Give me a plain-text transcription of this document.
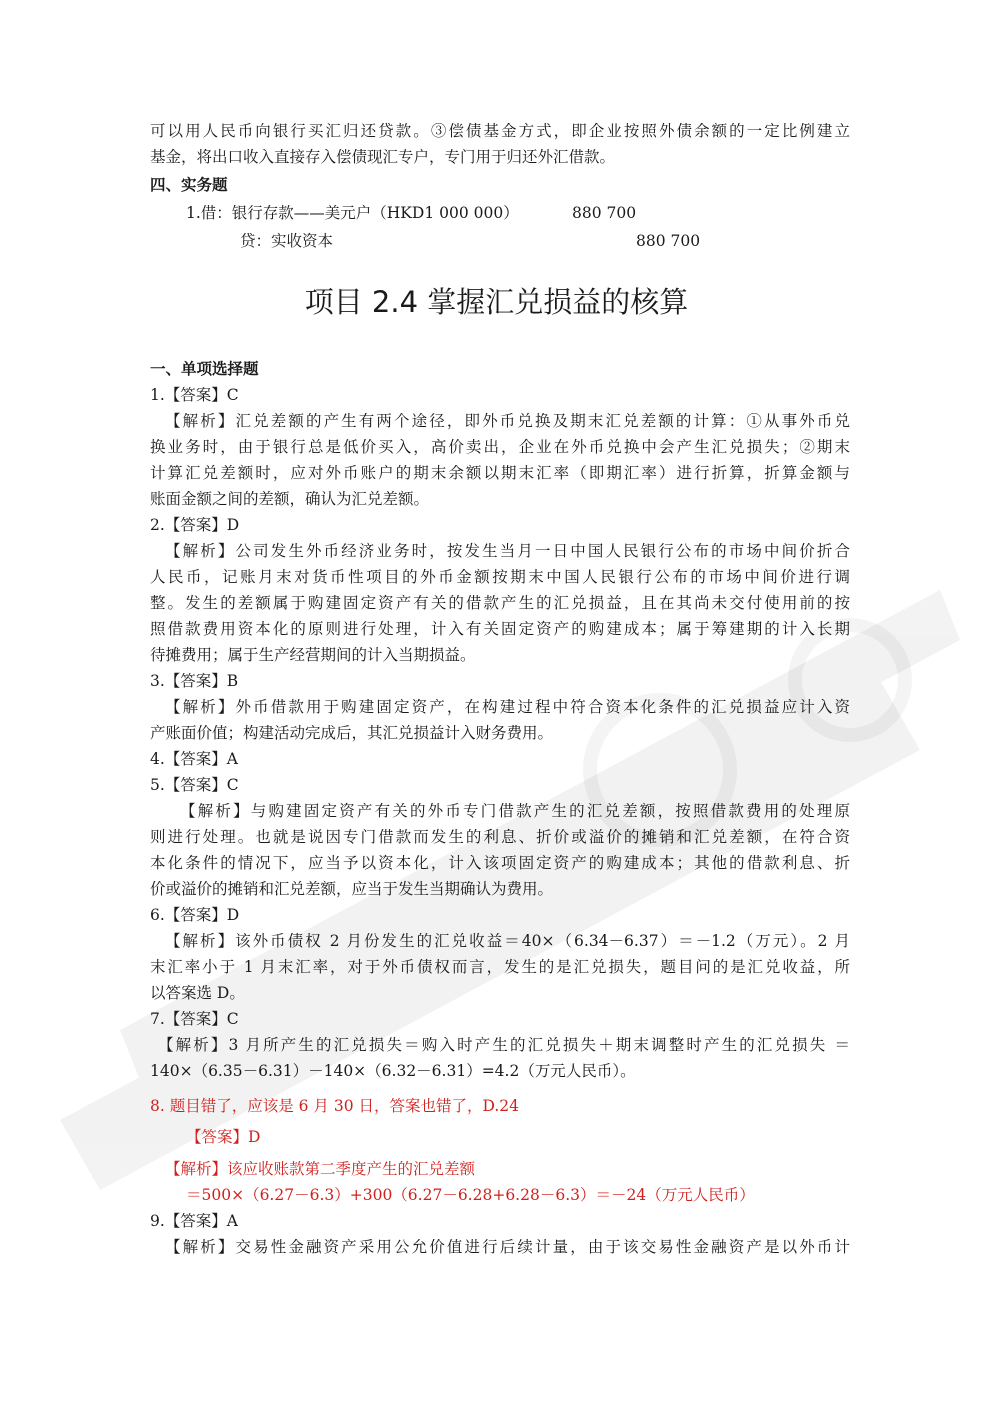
可以用人民币向银行买汇归还贷款。③偿债基金方式，即企业按照外债余额的一定比例建立
基金，将出口收入直接存入偿债现汇专户，专门用于归还外汇借款。
四、实务题
1.借：银行存款——美元户（HKD1 000 000）	880 700
贷：实收资本	880 700
项目 2.4 掌握汇兑损益的核算
一、单项选择题
1.【答案】C
【解析】汇兑差额的产生有两个途径，即外币兑换及期末汇兑差额的计算：①从事外币兑
换业务时，由于银行总是低价买入，高价卖出，企业在外币兑换中会产生汇兑损失；②期末
计算汇兑差额时，应对外币账户的期末余额以期末汇率（即期汇率）进行折算，折算金额与
账面金额之间的差额，确认为汇兑差额。
2.【答案】D
【解析】公司发生外币经济业务时，按发生当月一日中国人民银行公布的市场中间价折合
人民币，记账月末对货币性项目的外币金额按期末中国人民银行公布的市场中间价进行调
整。发生的差额属于购建固定资产有关的借款产生的汇兑损益，且在其尚未交付使用前的按
照借款费用资本化的原则进行处理，计入有关固定资产的购建成本；属于筹建期的计入长期
待摊费用；属于生产经营期间的计入当期损益。
3.【答案】B
【解析】外币借款用于购建固定资产，在构建过程中符合资本化条件的汇兑损益应计入资
产账面价值；构建活动完成后，其汇兑损益计入财务费用。
4.【答案】A
5.【答案】C
【解析】与购建固定资产有关的外币专门借款产生的汇兑差额，按照借款费用的处理原
则进行处理。也就是说因专门借款而发生的利息、折价或溢价的摊销和汇兑差额，在符合资
本化条件的情况下，应当予以资本化，计入该项固定资产的购建成本；其他的借款利息、折
价或溢价的摊销和汇兑差额，应当于发生当期确认为费用。
6.【答案】D
【解析】该外币债权 2 月份发生的汇兑收益＝40×（6.34－6.37）＝－1.2（万元）。2 月
末汇率小于 1 月末汇率，对于外币债权而言，发生的是汇兑损失，题目问的是汇兑收益，所
以答案选 D。
7.【答案】C
【解析】3 月所产生的汇兑损失＝购入时产生的汇兑损失＋期末调整时产生的汇兑损失 ＝
140×（6.35－6.31）－140×（6.32－6.31）=4.2（万元人民币）。
8. 题目错了，应该是 6 月 30 日，答案也错了，D.24
【答案】D
【解析】该应收账款第二季度产生的汇兑差额
＝500×（6.27－6.3）+300（6.27－6.28+6.28－6.3）＝－24（万元人民币）
9.【答案】A
【解析】交易性金融资产采用公允价值进行后续计量，由于该交易性金融资产是以外币计
